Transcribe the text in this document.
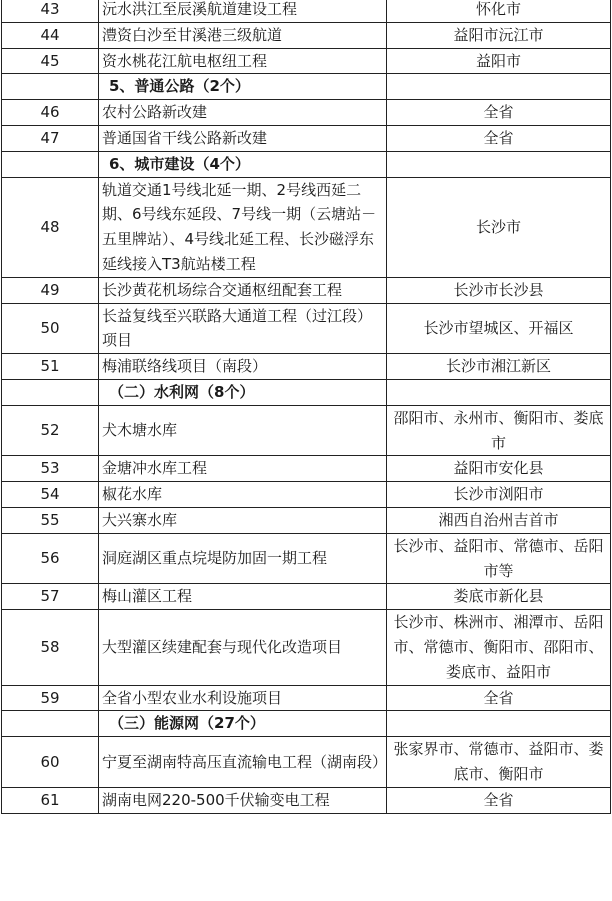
43	沅水洪江至辰溪航道建设工程	怀化市
44	澧资白沙至甘溪港三级航道	益阳市沅江市
45	资水桃花江航电枢纽工程	益阳市
	5、普通公路（2个）	
46	农村公路新改建	全省
47	普通国省干线公路新改建	全省
	6、城市建设（4个）	
48	轨道交通1号线北延一期、2号线西延二期、6号线东延段、7号线一期（云塘站－五里牌站）、4号线北延工程、长沙磁浮东延线接入T3航站楼工程	长沙市
49	长沙黄花机场综合交通枢纽配套工程	长沙市长沙县
50	长益复线至兴联路大通道工程（过江段）项目	长沙市望城区、开福区
51	梅浦联络线项目（南段）	长沙市湘江新区
	（二）水利网（8个）	
52	犬木塘水库	邵阳市、永州市、衡阳市、娄底市
53	金塘冲水库工程	益阳市安化县
54	椒花水库	长沙市浏阳市
55	大兴寨水库	湘西自治州吉首市
56	洞庭湖区重点垸堤防加固一期工程	长沙市、益阳市、常德市、岳阳市等
57	梅山灌区工程	娄底市新化县
58	大型灌区续建配套与现代化改造项目	长沙市、株洲市、湘潭市、岳阳市、常德市、衡阳市、邵阳市、娄底市、益阳市
59	全省小型农业水利设施项目	全省
	（三）能源网（27个）	
60	宁夏至湖南特高压直流输电工程（湖南段）	张家界市、常德市、益阳市、娄底市、衡阳市
61	湖南电网220-500千伏输变电工程	全省
